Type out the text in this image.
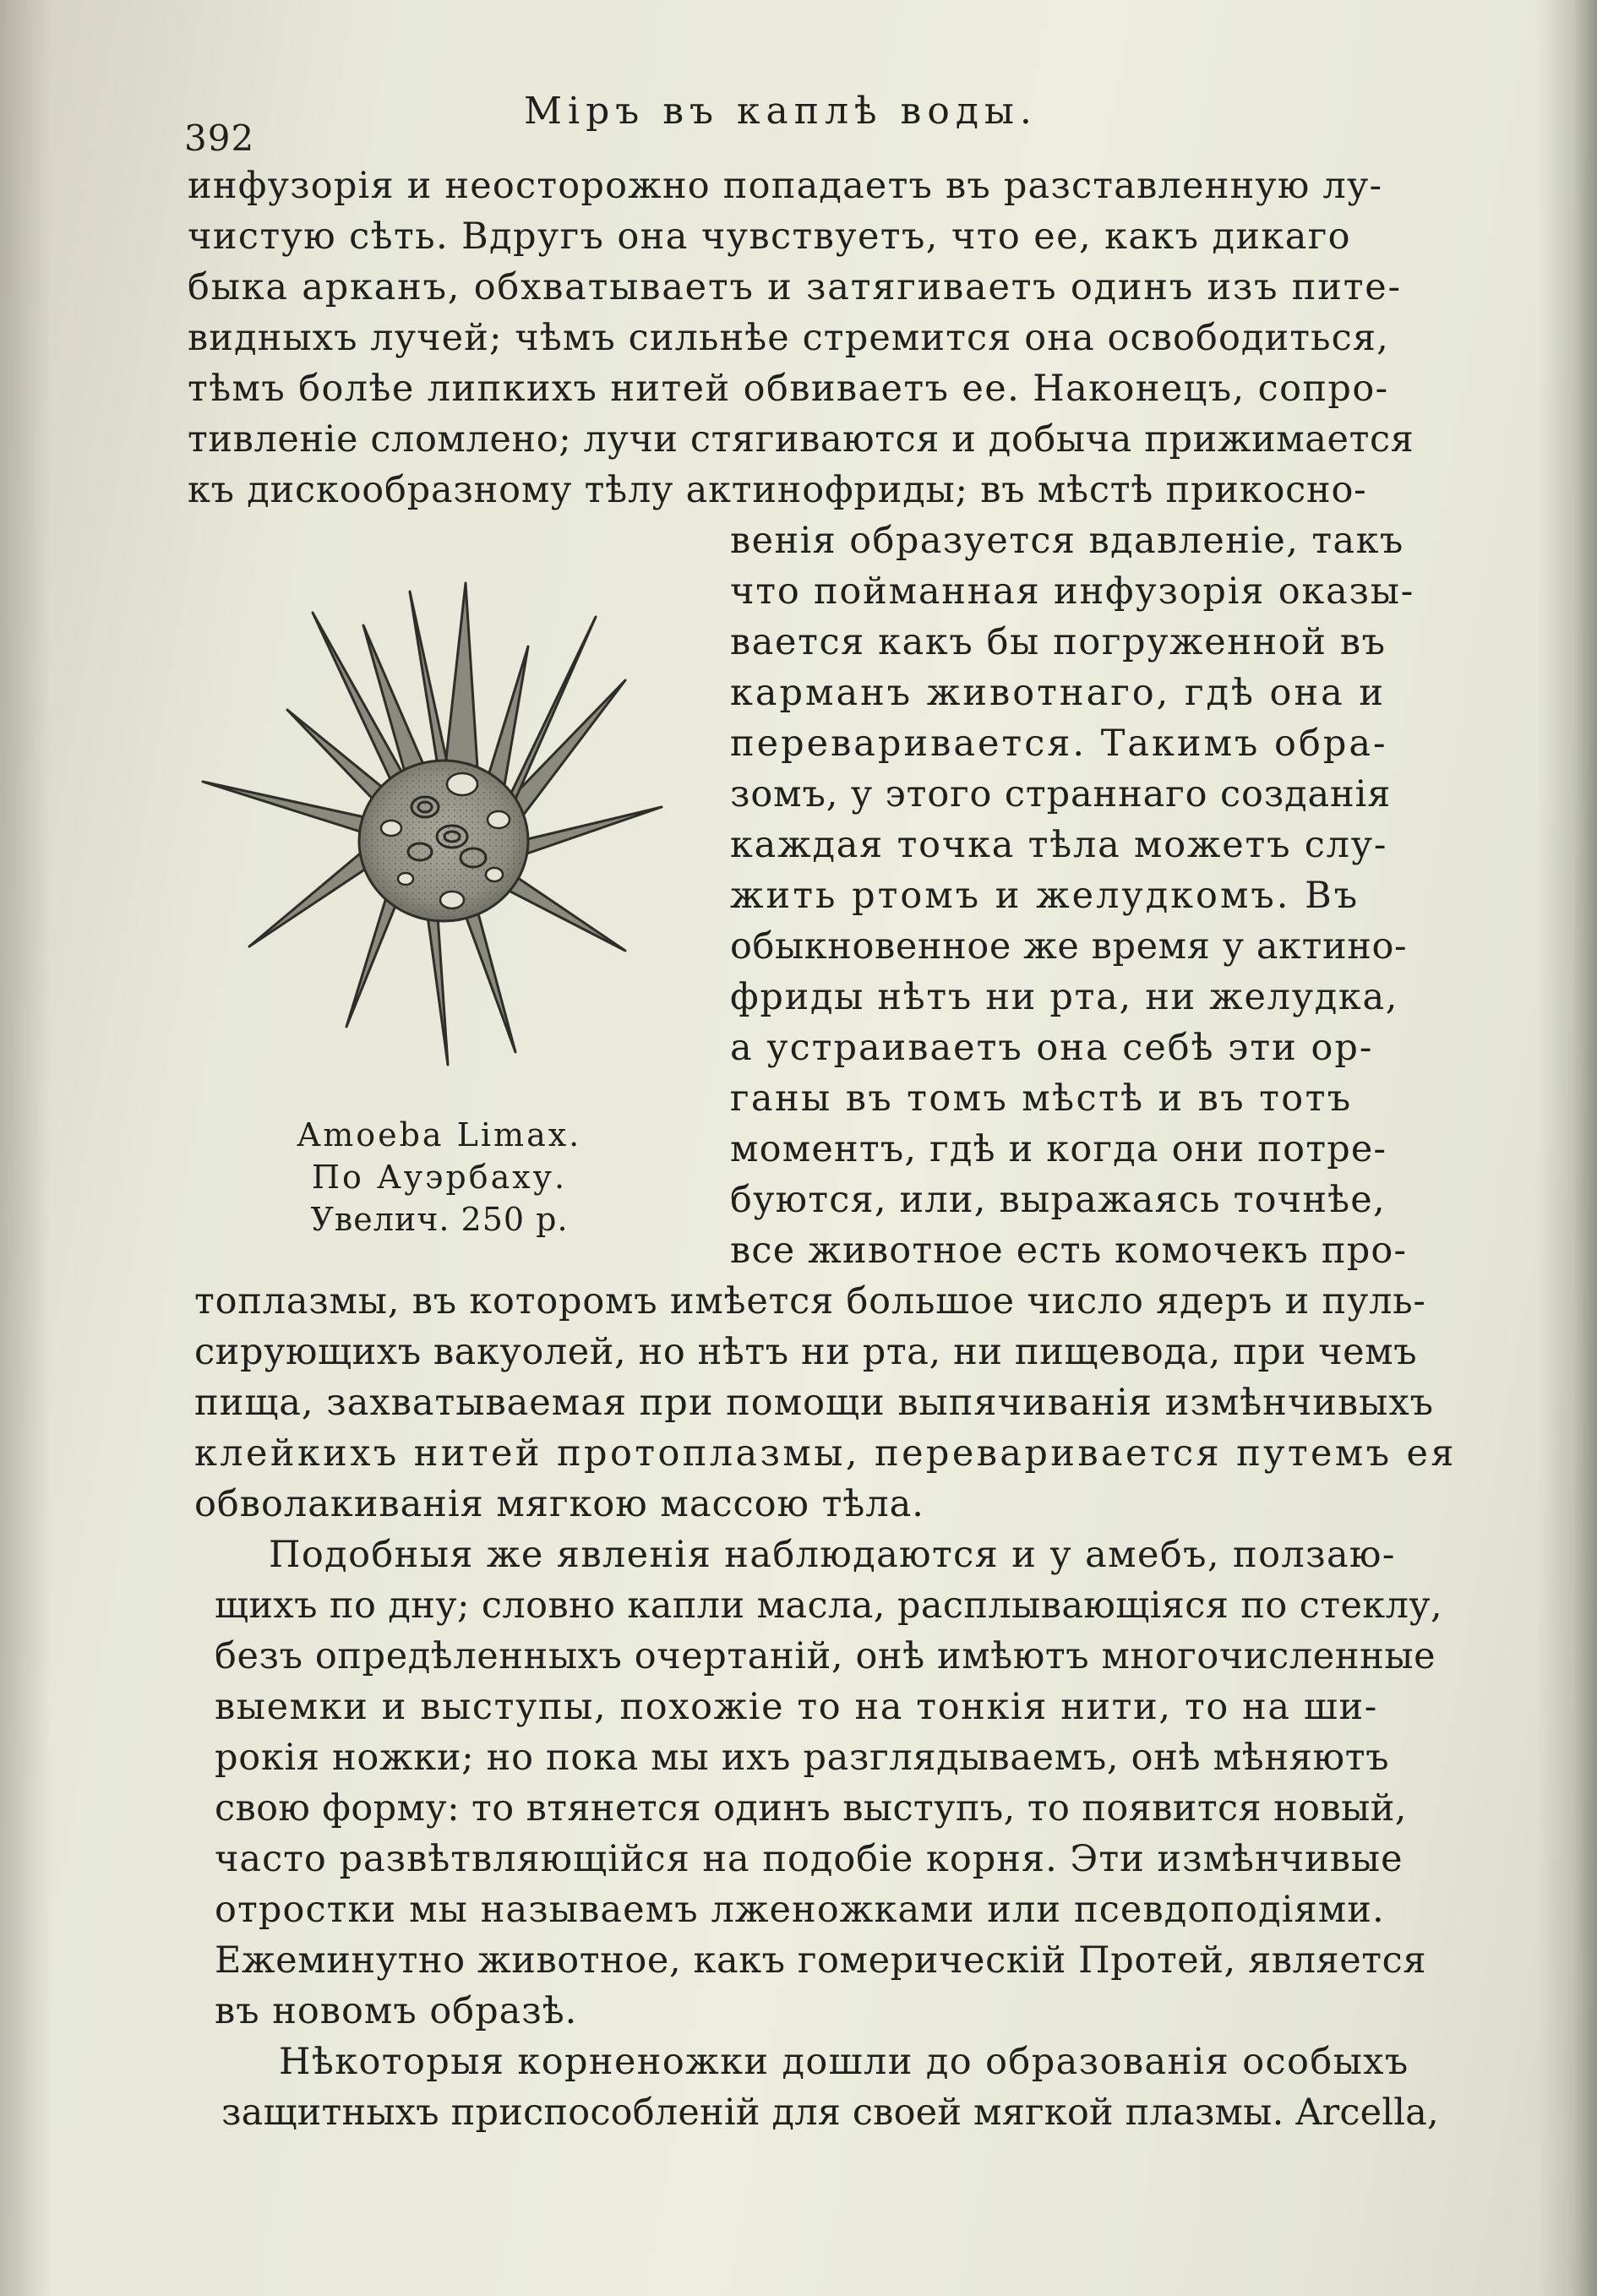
392
Міръ въ каплѣ воды.
инфузорія и неосторожно попадаетъ въ разставленную лу-
чистую сѣть. Вдругъ она чувствуетъ, что ее, какъ дикаго
быка арканъ, обхватываетъ и затягиваетъ одинъ изъ пите-
видныхъ лучей; чѣмъ сильнѣе стремится она освободиться,
тѣмъ болѣе липкихъ нитей обвиваетъ ее. Наконецъ, сопро-
тивленіе сломлено; лучи стягиваются и добыча прижимается
къ дискообразному тѣлу актинофриды; въ мѣстѣ прикосно-
венія образуется вдавленіе, такъ
что пойманная инфузорія оказы-
вается какъ бы погруженной въ
карманъ животнаго, гдѣ она и
переваривается. Такимъ обра-
зомъ, у этого страннаго созданія
каждая точка тѣла можетъ слу-
жить ртомъ и желудкомъ. Въ
обыкновенное же время у актино-
фриды нѣтъ ни рта, ни желудка,
а устраиваетъ она себѣ эти ор-
ганы въ томъ мѣстѣ и въ тотъ
моментъ, гдѣ и когда они потре-
буются, или, выражаясь точнѣе,
все животное есть комочекъ про-
Amoeba Limax.
По Ауэрбаху.
Увелич. 250 р.
топлазмы, въ которомъ имѣется большое число ядеръ и пуль-
сирующихъ вакуолей, но нѣтъ ни рта, ни пищевода, при чемъ
пища, захватываемая при помощи выпячиванія измѣнчивыхъ
клейкихъ нитей протоплазмы, переваривается путемъ ея
обволакиванія мягкою массою тѣла.
Подобныя же явленія наблюдаются и у амебъ, ползаю-
щихъ по дну; словно капли масла, расплывающіяся по стеклу,
безъ опредѣленныхъ очертаній, онѣ имѣютъ многочисленные
выемки и выступы, похожіе то на тонкія нити, то на ши-
рокія ножки; но пока мы ихъ разглядываемъ, онѣ мѣняютъ
свою форму: то втянется одинъ выступъ, то появится новый,
часто развѣтвляющійся на подобіе корня. Эти измѣнчивые
отростки мы называемъ лженожками или псевдоподіями.
Ежеминутно животное, какъ гомерическій Протей, является
въ новомъ образѣ.
Нѣкоторыя корненожки дошли до образованія особыхъ
защитныхъ приспособленій для своей мягкой плазмы. Arcella,
